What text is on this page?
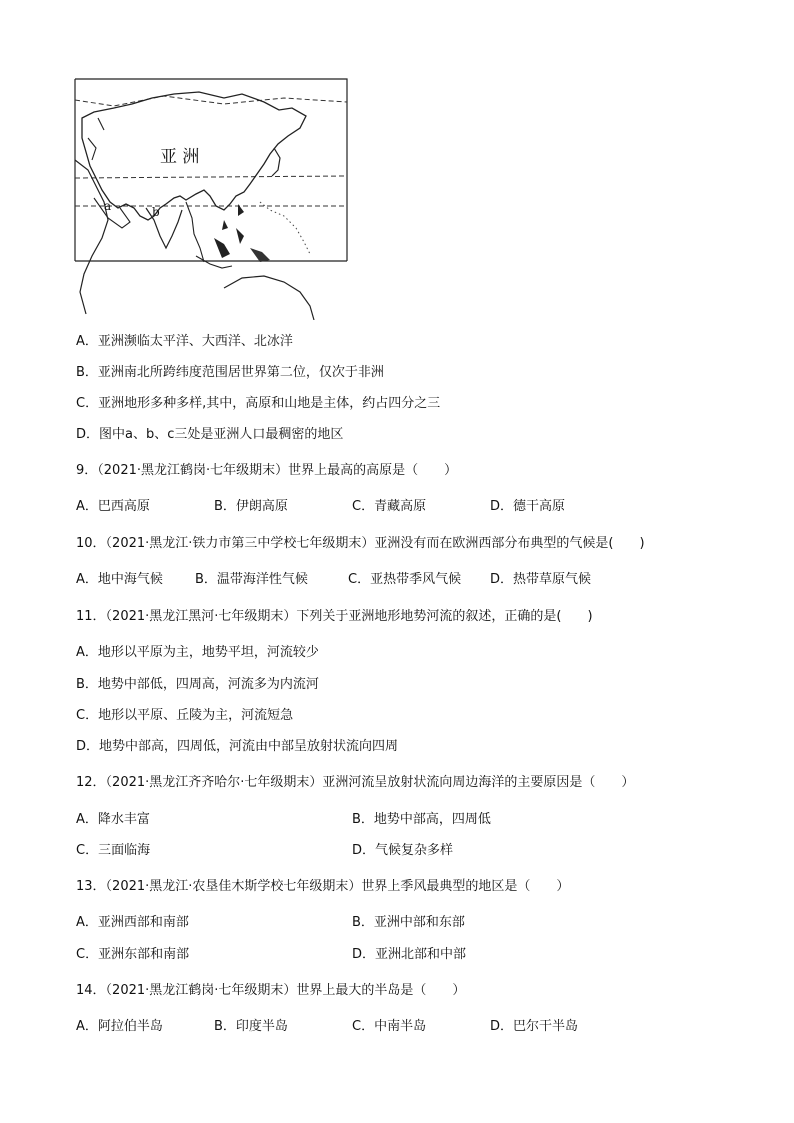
亚 洲
a	b
A．亚洲濒临太平洋、大西洋、北冰洋
B．亚洲南北所跨纬度范围居世界第二位，仅次于非洲
C．亚洲地形多种多样,其中，高原和山地是主体，约占四分之三
D．图中a、b、c三处是亚洲人口最稠密的地区
9．（2021·黑龙江鹤岗·七年级期末）世界上最高的高原是（　　）
A．巴西高原	B．伊朗高原	C．青藏高原	D．德干高原
10．（2021·黑龙江·铁力市第三中学校七年级期末）亚洲没有而在欧洲西部分布典型的气候是(　　)
A．地中海气候 B．温带海洋性气候	C．亚热带季风气候 D．热带草原气候
11．（2021·黑龙江黑河·七年级期末）下列关于亚洲地形地势河流的叙述，正确的是(　　)
A．地形以平原为主，地势平坦，河流较少
B．地势中部低，四周高，河流多为内流河
C．地形以平原、丘陵为主，河流短急
D．地势中部高，四周低，河流由中部呈放射状流向四周
12．（2021·黑龙江齐齐哈尔·七年级期末）亚洲河流呈放射状流向周边海洋的主要原因是（　　）
A．降水丰富	B．地势中部高，四周低
C．三面临海	D．气候复杂多样
13．（2021·黑龙江·农垦佳木斯学校七年级期末）世界上季风最典型的地区是（　　）
A．亚洲西部和南部	B．亚洲中部和东部
C．亚洲东部和南部	D．亚洲北部和中部
14．（2021·黑龙江鹤岗·七年级期末）世界上最大的半岛是（　　）
A．阿拉伯半岛	B．印度半岛	C．中南半岛	D．巴尔干半岛
